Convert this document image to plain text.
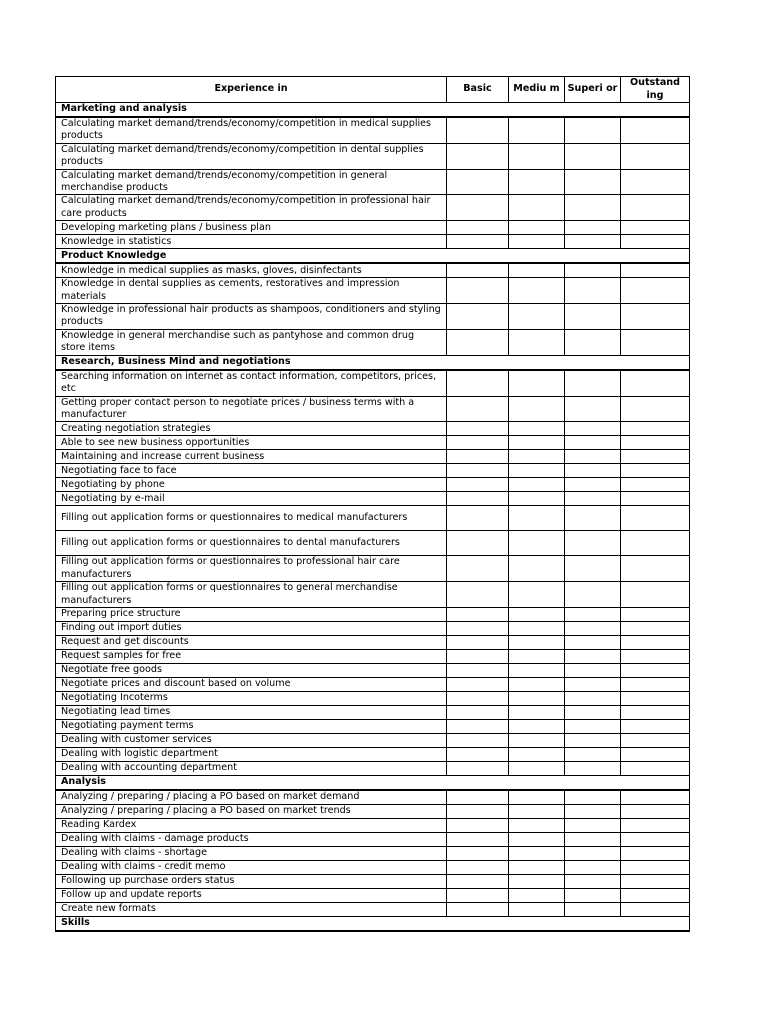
Experience in	Basic	Mediu m	Superi or	Outstand ing
Marketing and analysis				
Calculating market demand/trends/economy/competition in medical supplies products				
Calculating market demand/trends/economy/competition in dental supplies products				
Calculating market demand/trends/economy/competition in general merchandise products				
Calculating market demand/trends/economy/competition in professional hair care products				
Developing marketing plans / business plan				
Knowledge in statistics				
Product Knowledge				
Knowledge in medical supplies as masks, gloves, disinfectants				
Knowledge in dental supplies as cements, restoratives and impression materials				
Knowledge in professional hair products as shampoos, conditioners and styling products				
Knowledge in general merchandise such as pantyhose and common drug store items				
Research, Business Mind and negotiations				
Searching information on internet as contact information, competitors, prices, etc				
Getting proper contact person to negotiate prices / business terms with a manufacturer				
Creating negotiation strategies				
Able to see new business opportunities				
Maintaining and increase current business				
Negotiating face to face				
Negotiating by phone				
Negotiating by e-mail				
Filling out application forms or questionnaires to medical manufacturers				
Filling out application forms or questionnaires to dental manufacturers				
Filling out application forms or questionnaires to professional hair care manufacturers				
Filling out application forms or questionnaires to general merchandise manufacturers				
Preparing price structure				
Finding out import duties				
Request and get discounts				
Request samples for free				
Negotiate free goods				
Negotiate prices and discount based on volume				
Negotiating Incoterms				
Negotiating lead times				
Negotiating payment terms				
Dealing with customer services				
Dealing with logistic department				
Dealing with accounting department				
Analysis				
Analyzing / preparing / placing a PO based on market demand				
Analyzing / preparing / placing a PO based on market trends				
Reading Kardex				
Dealing with claims - damage products				
Dealing with claims - shortage				
Dealing with claims - credit memo				
Following up purchase orders status				
Follow up and update reports				
Create new formats				
Skills				
